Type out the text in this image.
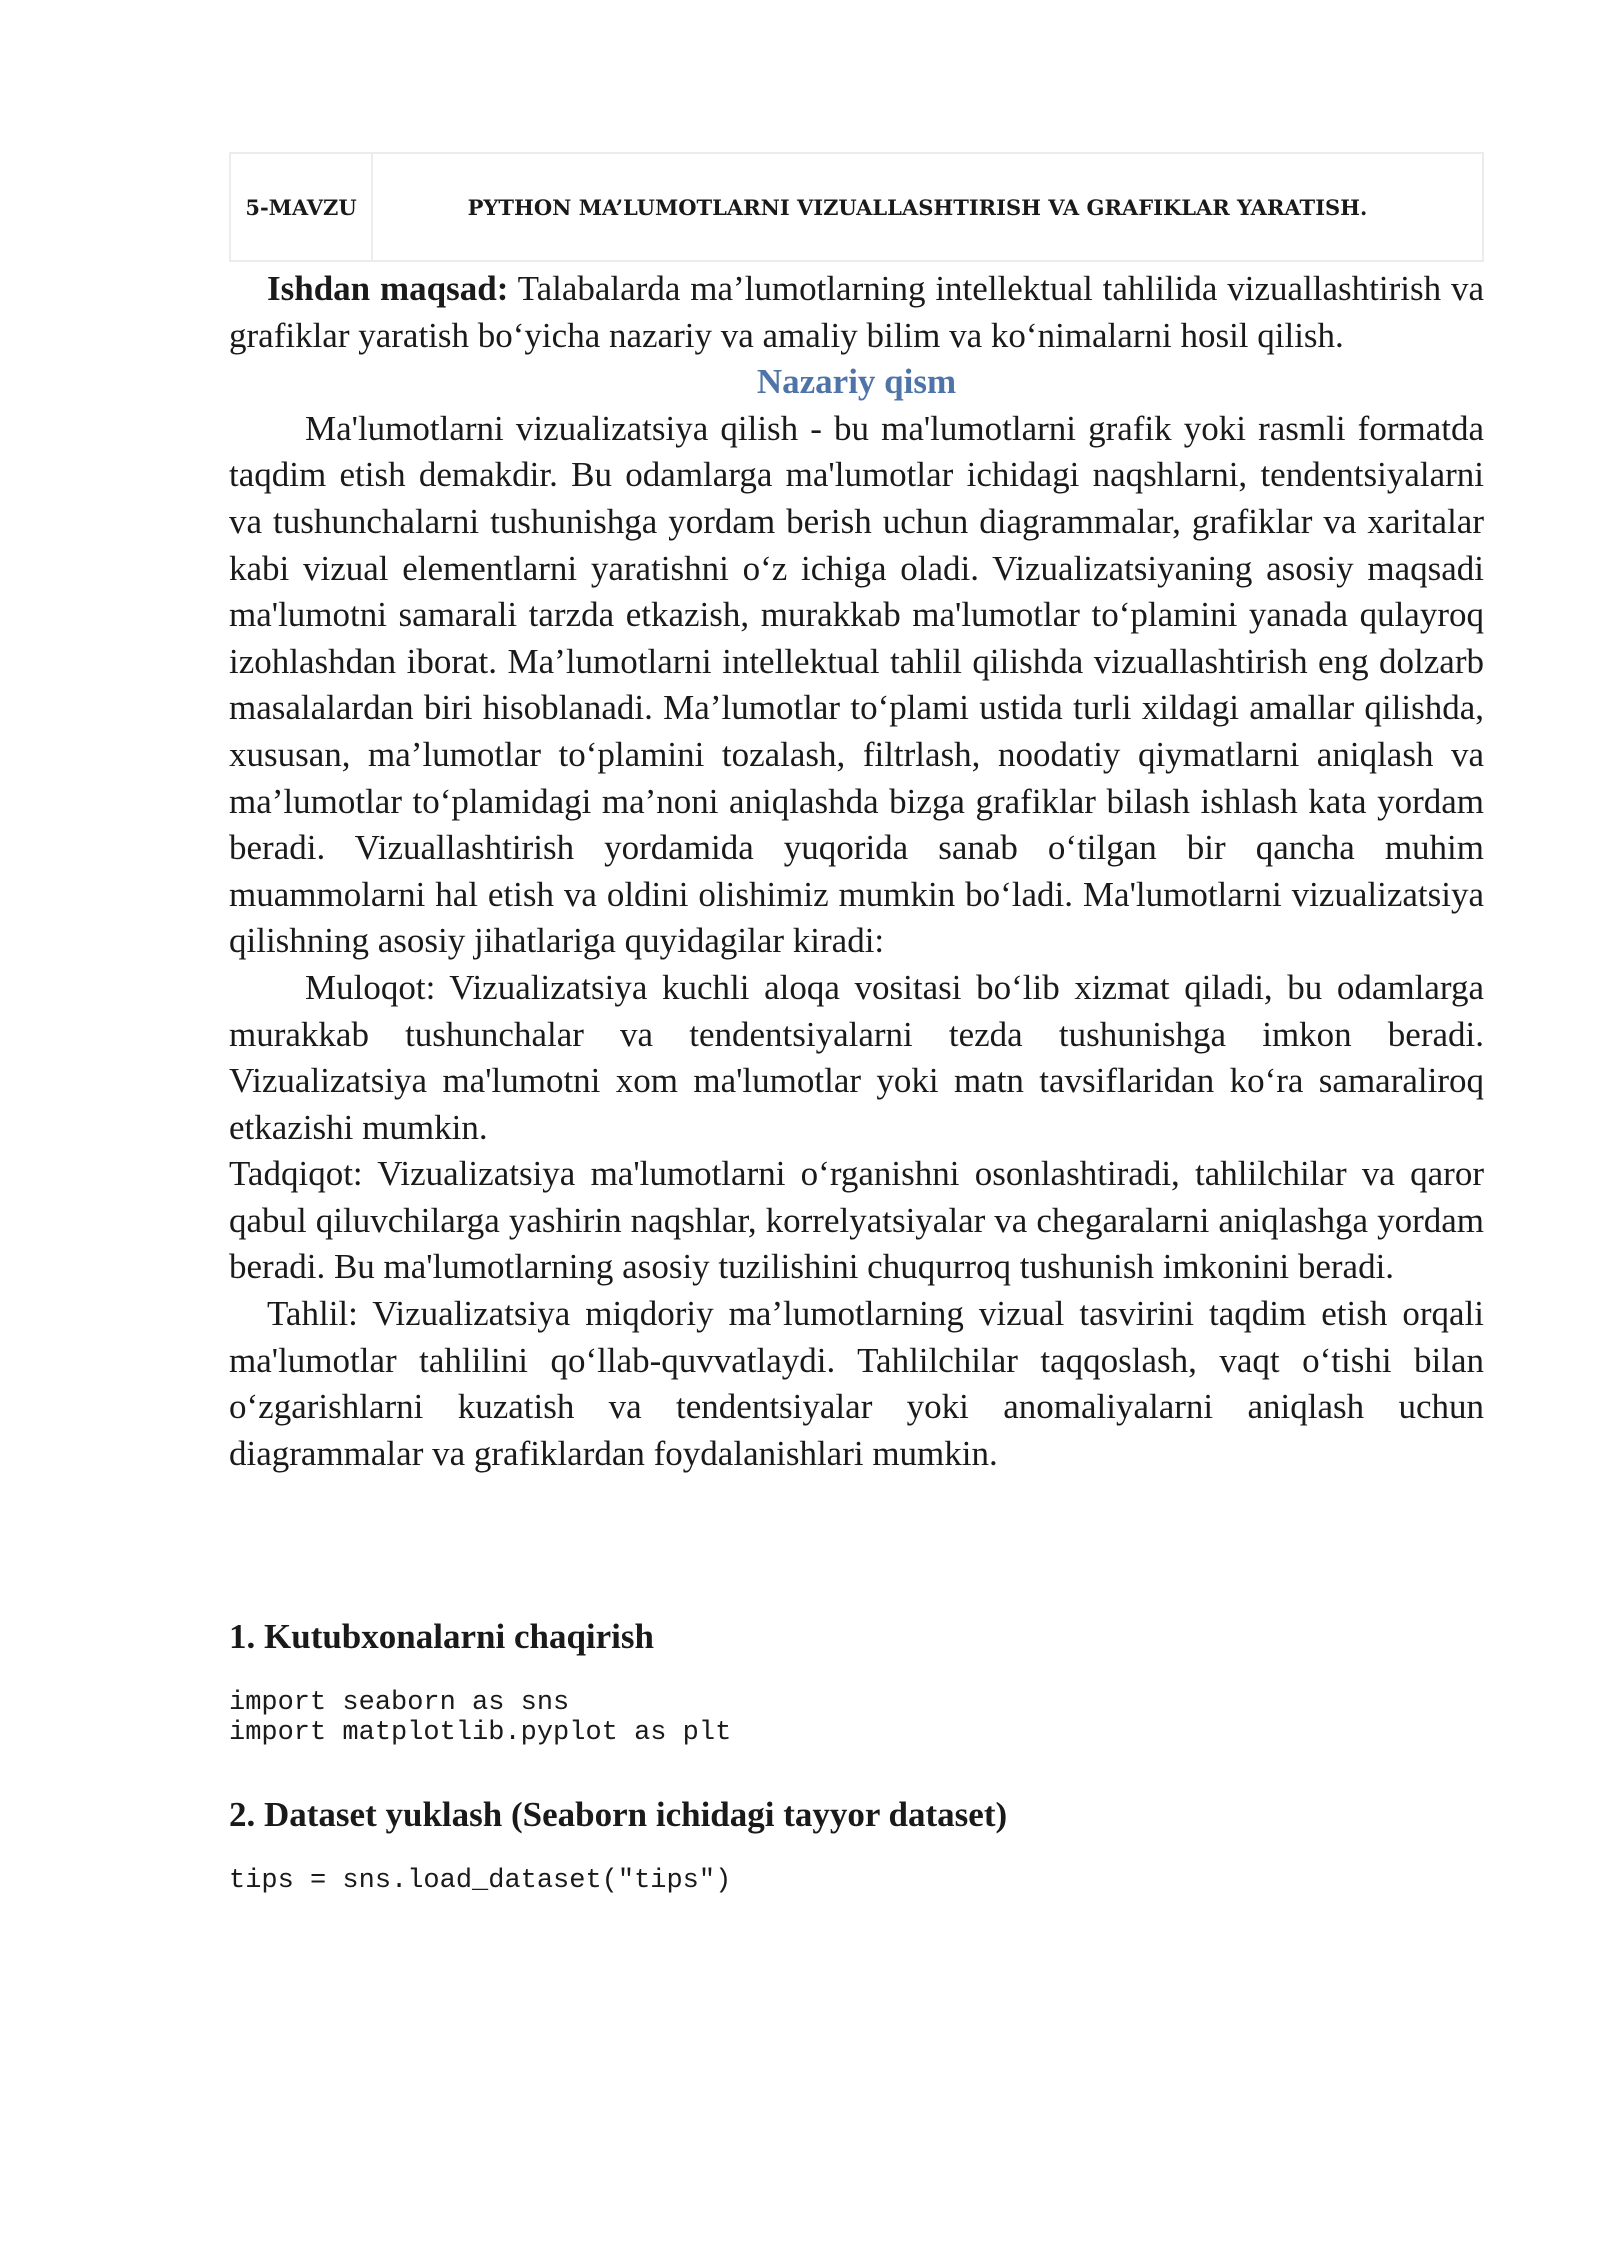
5-MAVZU	PYTHON MA’LUMOTLARNI VIZUALLASHTIRISH VA GRAFIKLAR YARATISH.

Ishdan maqsad: Talabalarda ma’lumotlarning intellektual tahlilida vizuallashtirish va grafiklar yaratish bo‘yicha nazariy va amaliy bilim va ko‘nimalarni hosil qilish.

Nazariy qism

Ma'lumotlarni vizualizatsiya qilish - bu ma'lumotlarni grafik yoki rasmli formatda taqdim etish demakdir. Bu odamlarga ma'lumotlar ichidagi naqshlarni, tendentsiyalarni va tushunchalarni tushunishga yordam berish uchun diagrammalar, grafiklar va xaritalar kabi vizual elementlarni yaratishni o‘z ichiga oladi. Vizualizatsiyaning asosiy maqsadi ma'lumotni samarali tarzda etkazish, murakkab ma'lumotlar to‘plamini yanada qulayroq izohlashdan iborat. Ma’lumotlarni intellektual tahlil qilishda vizuallashtirish eng dolzarb masalalardan biri hisoblanadi. Ma’lumotlar to‘plami ustida turli xildagi amallar qilishda, xususan, ma’lumotlar to‘plamini tozalash, filtrlash, noodatiy qiymatlarni aniqlash va ma’lumotlar to‘plamidagi ma’noni aniqlashda bizga grafiklar bilash ishlash kata yordam beradi. Vizuallashtirish yordamida yuqorida sanab o‘tilgan bir qancha muhim muammolarni hal etish va oldini olishimiz mumkin bo‘ladi. Ma'lumotlarni vizualizatsiya qilishning asosiy jihatlariga quyidagilar kiradi:

Muloqot: Vizualizatsiya kuchli aloqa vositasi bo‘lib xizmat qiladi, bu odamlarga murakkab tushunchalar va tendentsiyalarni tezda tushunishga imkon beradi. Vizualizatsiya ma'lumotni xom ma'lumotlar yoki matn tavsiflaridan ko‘ra samaraliroq etkazishi mumkin.

Tadqiqot: Vizualizatsiya ma'lumotlarni o‘rganishni osonlashtiradi, tahlilchilar va qaror qabul qiluvchilarga yashirin naqshlar, korrelyatsiyalar va chegaralarni aniqlashga yordam beradi. Bu ma'lumotlarning asosiy tuzilishini chuqurroq tushunish imkonini beradi.

Tahlil: Vizualizatsiya miqdoriy ma’lumotlarning vizual tasvirini taqdim etish orqali ma'lumotlar tahlilini qo‘llab-quvvatlaydi. Tahlilchilar taqqoslash, vaqt o‘tishi bilan o‘zgarishlarni kuzatish va tendentsiyalar yoki anomaliyalarni aniqlash uchun diagrammalar va grafiklardan foydalanishlari mumkin.

1. Kutubxonalarni chaqirish
import seaborn as sns
import matplotlib.pyplot as plt
2. Dataset yuklash (Seaborn ichidagi tayyor dataset)
tips = sns.load_dataset("tips")
